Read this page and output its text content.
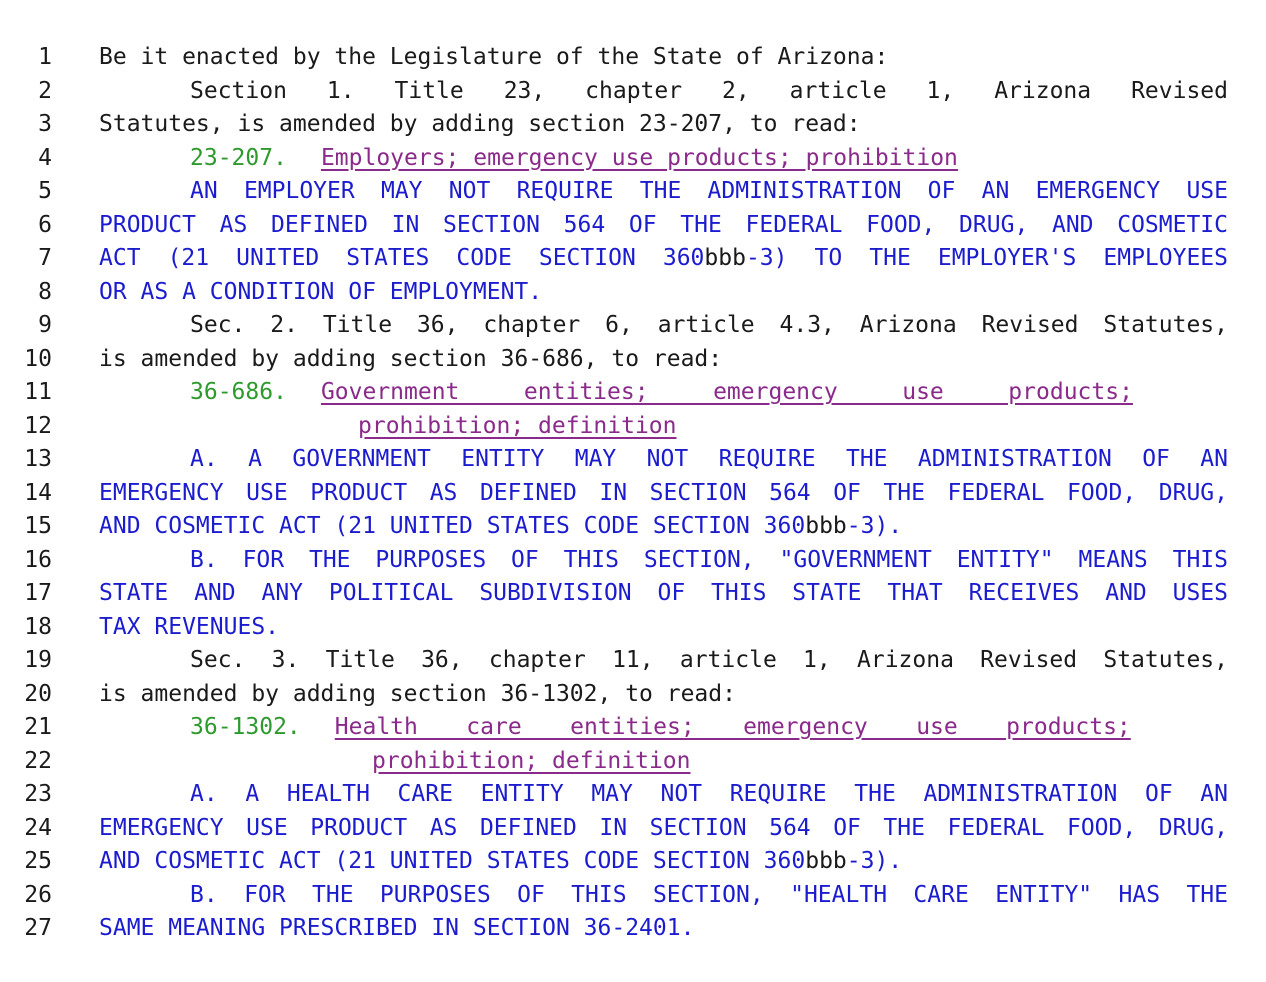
1 Be it enacted by the Legislature of the State of Arizona:
2	Section 1. Title 23, chapter 2, article 1, Arizona Revised
3 Statutes, is amended by adding section 23-207, to read:
4	23-207. Employers; emergency use products; prohibition
5	AN EMPLOYER MAY NOT REQUIRE THE ADMINISTRATION OF AN EMERGENCY USE
6 PRODUCT AS DEFINED IN SECTION 564 OF THE FEDERAL FOOD, DRUG, AND COSMETIC
7 ACT (21 UNITED STATES CODE SECTION 360bbb-3) TO THE EMPLOYER'S EMPLOYEES
8 OR AS A CONDITION OF EMPLOYMENT.
9	Sec. 2. Title 36, chapter 6, article 4.3, Arizona Revised Statutes,
10 is amended by adding section 36-686, to read:
11	36-686. Government entities; emergency use products;
12	prohibition; definition
13	A. A GOVERNMENT ENTITY MAY NOT REQUIRE THE ADMINISTRATION OF AN
14 EMERGENCY USE PRODUCT AS DEFINED IN SECTION 564 OF THE FEDERAL FOOD, DRUG,
15 AND COSMETIC ACT (21 UNITED STATES CODE SECTION 360bbb-3).
16	B. FOR THE PURPOSES OF THIS SECTION, "GOVERNMENT ENTITY" MEANS THIS
17 STATE AND ANY POLITICAL SUBDIVISION OF THIS STATE THAT RECEIVES AND USES
18 TAX REVENUES.
19	Sec. 3. Title 36, chapter 11, article 1, Arizona Revised Statutes,
20 is amended by adding section 36-1302, to read:
21	36-1302. Health care entities; emergency use products;
22	prohibition; definition
23	A. A HEALTH CARE ENTITY MAY NOT REQUIRE THE ADMINISTRATION OF AN
24 EMERGENCY USE PRODUCT AS DEFINED IN SECTION 564 OF THE FEDERAL FOOD, DRUG,
25 AND COSMETIC ACT (21 UNITED STATES CODE SECTION 360bbb-3).
26	B. FOR THE PURPOSES OF THIS SECTION, "HEALTH CARE ENTITY" HAS THE
27 SAME MEANING PRESCRIBED IN SECTION 36-2401.
